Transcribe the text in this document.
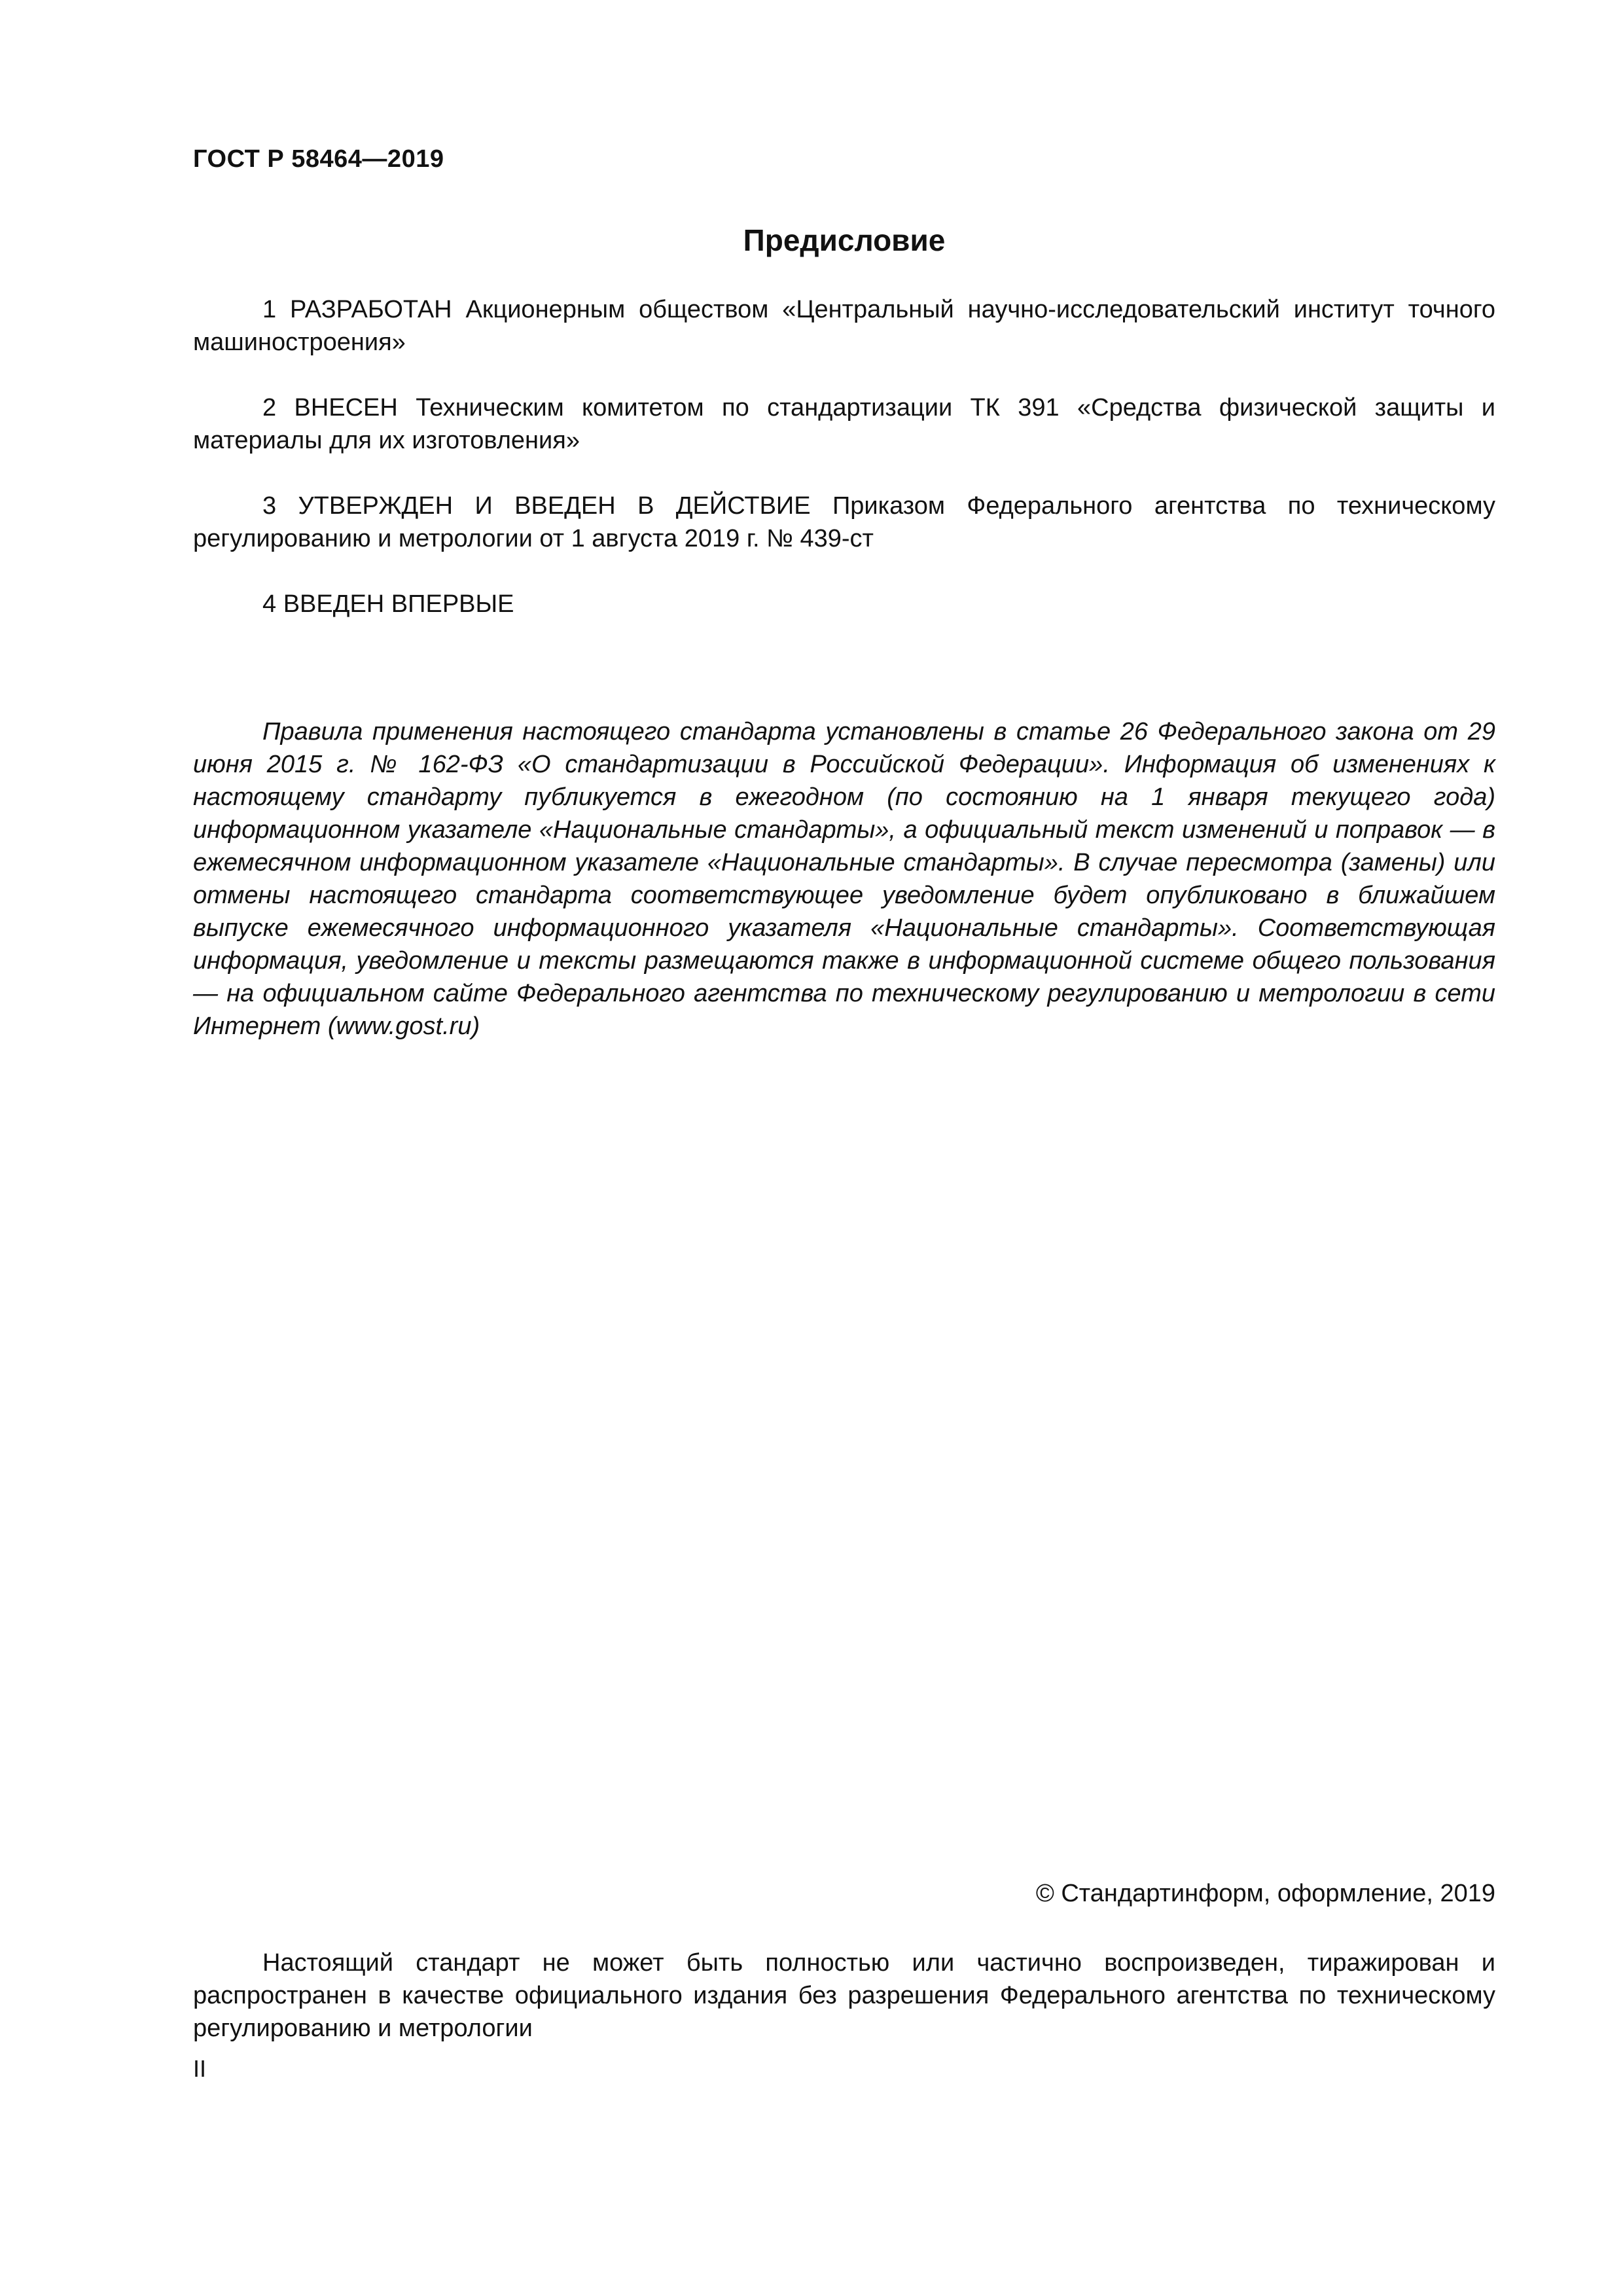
ГОСТ Р 58464—2019
Предисловие

1 РАЗРАБОТАН Акционерным обществом «Центральный научно-исследовательский институт точного машиностроения»

2 ВНЕСЕН Техническим комитетом по стандартизации ТК 391 «Средства физической защиты и материалы для их изготовления»

3 УТВЕРЖДЕН И ВВЕДЕН В ДЕЙСТВИЕ Приказом Федерального агентства по техническому регулированию и метрологии от 1 августа 2019 г. № 439-ст

4 ВВЕДЕН ВПЕРВЫЕ

Правила применения настоящего стандарта установлены в статье 26 Федерального закона от 29 июня 2015 г. № 162-ФЗ «О стандартизации в Российской Федерации». Информация об изменениях к настоящему стандарту публикуется в ежегодном (по состоянию на 1 января текущего года) информационном указателе «Национальные стандарты», а официальный текст изменений и поправок — в ежемесячном информационном указателе «Национальные стандарты». В случае пересмотра (замены) или отмены настоящего стандарта соответствующее уведомление будет опубликовано в ближайшем выпуске ежемесячного информационного указателя «Национальные стандарты». Соответствующая информация, уведомление и тексты размещаются также в информационной системе общего пользования — на официальном сайте Федерального агентства по техническому регулированию и метрологии в сети Интернет (www.gost.ru)

© Стандартинформ, оформление, 2019

Настоящий стандарт не может быть полностью или частично воспроизведен, тиражирован и распространен в качестве официального издания без разрешения Федерального агентства по техническому регулированию и метрологии

II
